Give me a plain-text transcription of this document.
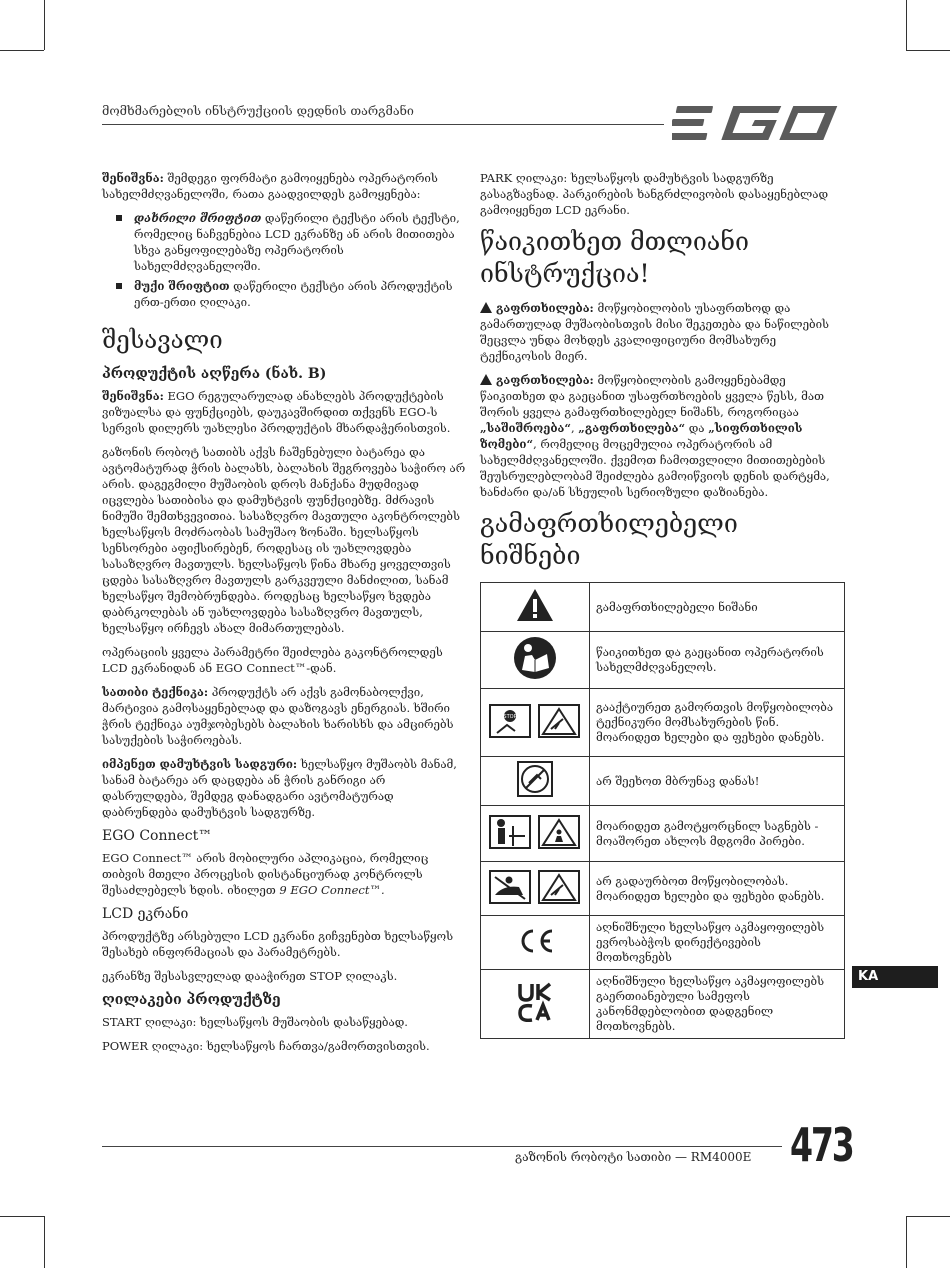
მომხმარებლის ინსტრუქციის დედნის თარგმანი

შენიშვნა: შემდეგი ფორმატი გამოიყენება ოპერატორის სახელმძღვანელოში, რათა გაადვილდეს გამოყენება:

დახრილი შრიფტით დაწერილი ტექსტი არის ტექსტი, რომელიც ნაჩვენებია LCD ეკრანზე ან არის მითითება სხვა განყოფილებაზე ოპერატორის სახელმძღვანელოში.
მუქი შრიფტით დაწერილი ტექსტი არის პროდუქტის ერთ-ერთი ღილაკი.
შესავალი
პროდუქტის აღწერა (ნახ. B)

შენიშვნა: EGO რეგულარულად ანახლებს პროდუქტების ვიზუალსა და ფუნქციებს, დაუკავშირდით თქვენს EGO-ს სერვის დილერს უახლესი პროდუქტის მხარდაჭერისთვის.

გაზონის რობოტ სათიბს აქვს ჩაშენებული ბატარეა და ავტომატურად ჭრის ბალახს, ბალახის შეგროვება საჭირო არ არის. დაგეგმილი მუშაობის დროს მანქანა მუდმივად იცვლება სათიბისა და დამუხტვის ფუნქციებზე. მძრავის ნიმუში შემთხვევითია. სასაზღვრო მავთული აკონტროლებს ხელსაწყოს მოძრაობას სამუშაო ზონაში. ხელსაწყოს სენსორები აფიქსირებენ, როდესაც ის უახლოვდება სასაზღვრო მავთულს. ხელსაწყოს წინა მხარე ყოველთვის ცდება სასაზღვრო მავთულს გარკვეული მანძილით, სანამ ხელსაწყო შემობრუნდება. როდესაც ხელსაწყო ხვდება დაბრკოლებას ან უახლოვდება სასაზღვრო მავთულს, ხელსაწყო ირჩევს ახალ მიმართულებას.

ოპერაციის ყველა პარამეტრი შეიძლება გაკონტროლდეს LCD ეკრანიდან ან EGO Connect™-დან.

სათიბი ტექნიკა: პროდუქტს არ აქვს გამონაბოლქვი, მარტივია გამოსაყენებლად და დაზოგავს ენერგიას. ხშირი ჭრის ტექნიკა აუმჯობესებს ბალახის ხარისხს და ამცირებს სასუქების საჭიროებას.

იმპენეთ დამუხტვის სადგური: ხელსაწყო მუშაობს მანამ, სანამ ბატარეა არ დაცდება ან ჭრის განრიგი არ დასრულდება, შემდეგ დანადგარი ავტომატურად დაბრუნდება დამუხტვის სადგურზე.

EGO Connect™

EGO Connect™ არის მობილური აპლიკაცია, რომელიც თიბვის მთელი პროცესის დისტანციურად კონტროლს შესაძლებელს ხდის. იხილეთ 9 EGO Connect™.

LCD ეკრანი

პროდუქტზე არსებული LCD ეკრანი გიჩვენებთ ხელსაწყოს შესახებ ინფორმაციას და პარამეტრებს.

ეკრანზე შესასვლელად დააჭირეთ STOP ღილაკს.

ღილაკები პროდუქტზე

START ღილაკი: ხელსაწყოს მუშაობის დასაწყებად.

POWER ღილაკი: ხელსაწყოს ჩართვა/გამორთვისთვის.

PARK ღილაკი: ხელსაწყოს დამუხტვის სადგურზე გასაგზავნად. პარკირების ხანგრძლივობის დასაყენებლად გამოიყენეთ LCD ეკრანი.

წაიკითხეთ მთლიანი ინსტრუქცია!

გაფრთხილება: მოწყობილობის უსაფრთხოდ და გამართულად მუშაობისთვის მისი შეკეთება და ნაწილების შეცვლა უნდა მოხდეს კვალიფიციური მომსახურე ტექნიკოსის მიერ.

გაფრთხილება: მოწყობილობის გამოყენებამდე წაიკითხეთ და გაეცანით უსაფრთხოების ყველა წესს, მათ შორის ყველა გამაფრთხილებელ ნიშანს, როგორიცაა „საშიშროება“, „გაფრთხილება“ და „სიფრთხილის ზომები“, რომელიც მოცემულია ოპერატორის ამ სახელმძღვანელოში. ქვემოთ ჩამოთვლილი მითითებების შეუსრულებლობამ შეიძლება გამოიწვიოს დენის დარტყმა, ხანძარი და/ან სხეულის სერიოზული დაზიანება.

გამაფრთხილებელი ნიშნები
	გამაფრთხილებელი ნიშანი
	წაიკითხეთ და გაეცანით ოპერატორის სახელმძღვანელოს.

STOP	გააქტიურეთ გამორთვის მოწყობილობა ტექნიკური მომსახურების წინ. მოარიდეთ ხელები და ფეხები დანებს.
	არ შეეხოთ მბრუნავ დანას!
	მოარიდეთ გამოტყორცნილ საგნებს - მოაშორეთ ახლოს მდგომი პირები.
	არ გადაურბოთ მოწყობილობას. მოარიდეთ ხელები და ფეხები დანებს.
	აღნიშნული ხელსაწყო აკმაყოფილებს ევროსაბჭოს დირექტივების მოთხოვნებს
	აღნიშნული ხელსაწყო აკმაყოფილებს გაერთიანებული სამეფოს კანონმდებლობით დადგენილ მოთხოვნებს.
KA
გაზონის რობოტი სათიბი — RM4000E 473
